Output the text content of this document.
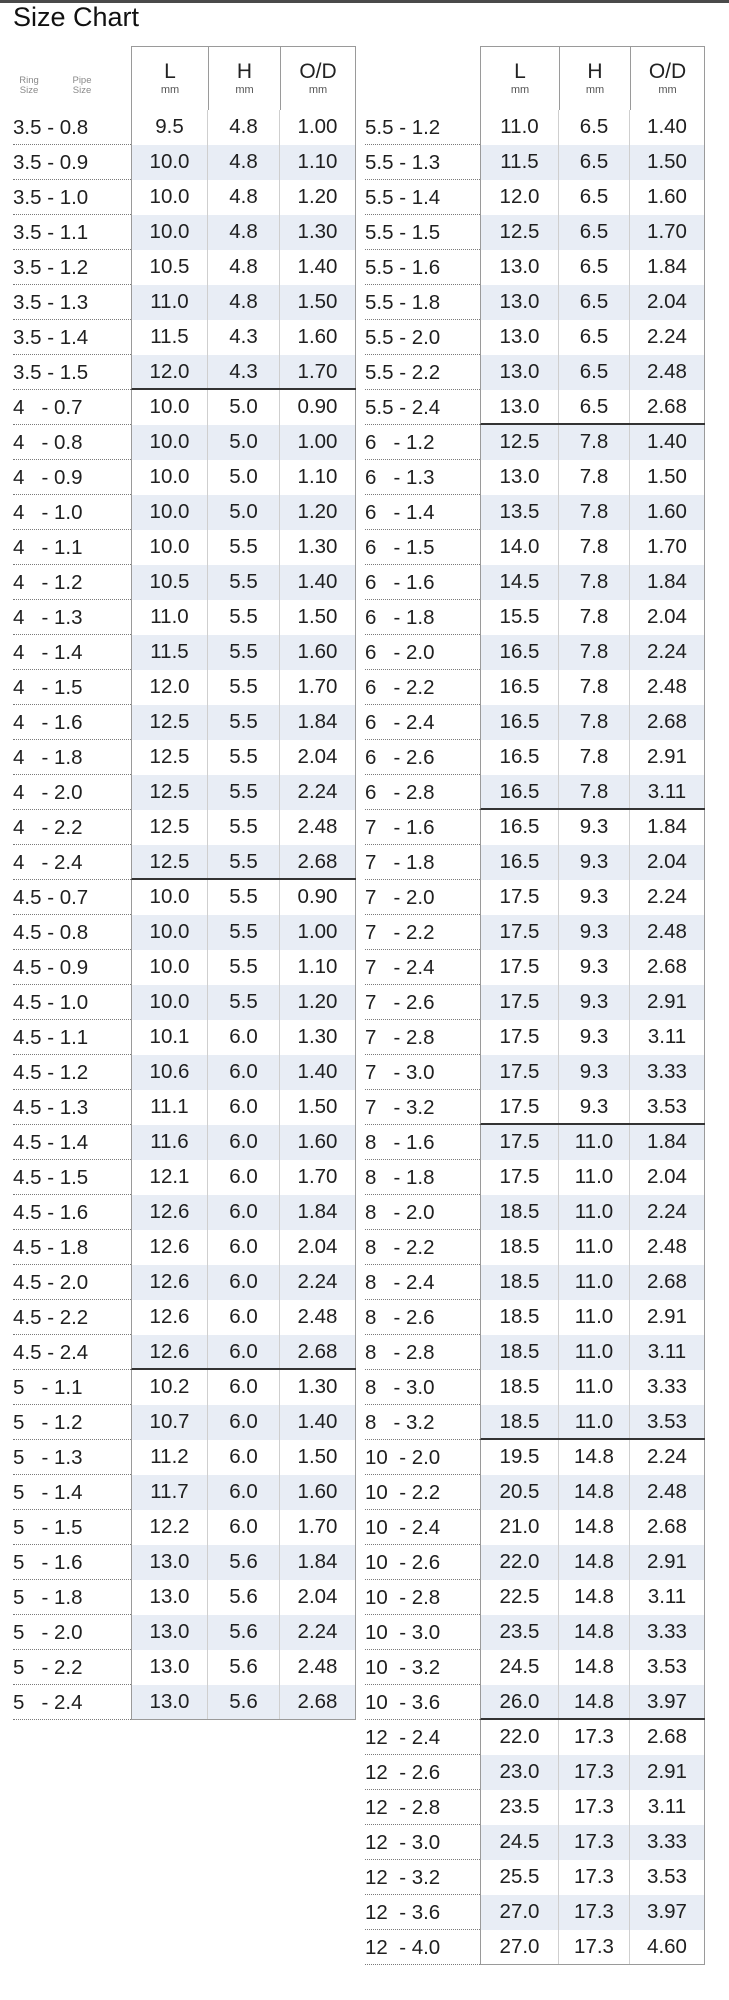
Size Chart
Ring
Size
Pipe
Size
L
mm
H
mm
O/D
mm
3.5 - 0.8	9.5	4.8	1.00
3.5 - 0.9	10.0	4.8	1.10
3.5 - 1.0	10.0	4.8	1.20
3.5 - 1.1	10.0	4.8	1.30
3.5 - 1.2	10.5	4.8	1.40
3.5 - 1.3	11.0	4.8	1.50
3.5 - 1.4	11.5	4.3	1.60
3.5 - 1.5	12.0	4.3	1.70
4   - 0.7	10.0	5.0	0.90
4   - 0.8	10.0	5.0	1.00
4   - 0.9	10.0	5.0	1.10
4   - 1.0	10.0	5.0	1.20
4   - 1.1	10.0	5.5	1.30
4   - 1.2	10.5	5.5	1.40
4   - 1.3	11.0	5.5	1.50
4   - 1.4	11.5	5.5	1.60
4   - 1.5	12.0	5.5	1.70
4   - 1.6	12.5	5.5	1.84
4   - 1.8	12.5	5.5	2.04
4   - 2.0	12.5	5.5	2.24
4   - 2.2	12.5	5.5	2.48
4   - 2.4	12.5	5.5	2.68
4.5 - 0.7	10.0	5.5	0.90
4.5 - 0.8	10.0	5.5	1.00
4.5 - 0.9	10.0	5.5	1.10
4.5 - 1.0	10.0	5.5	1.20
4.5 - 1.1	10.1	6.0	1.30
4.5 - 1.2	10.6	6.0	1.40
4.5 - 1.3	11.1	6.0	1.50
4.5 - 1.4	11.6	6.0	1.60
4.5 - 1.5	12.1	6.0	1.70
4.5 - 1.6	12.6	6.0	1.84
4.5 - 1.8	12.6	6.0	2.04
4.5 - 2.0	12.6	6.0	2.24
4.5 - 2.2	12.6	6.0	2.48
4.5 - 2.4	12.6	6.0	2.68
5   - 1.1	10.2	6.0	1.30
5   - 1.2	10.7	6.0	1.40
5   - 1.3	11.2	6.0	1.50
5   - 1.4	11.7	6.0	1.60
5   - 1.5	12.2	6.0	1.70
5   - 1.6	13.0	5.6	1.84
5   - 1.8	13.0	5.6	2.04
5   - 2.0	13.0	5.6	2.24
5   - 2.2	13.0	5.6	2.48
5   - 2.4	13.0	5.6	2.68
L
mm
H
mm
O/D
mm
5.5 - 1.2	11.0	6.5	1.40
5.5 - 1.3	11.5	6.5	1.50
5.5 - 1.4	12.0	6.5	1.60
5.5 - 1.5	12.5	6.5	1.70
5.5 - 1.6	13.0	6.5	1.84
5.5 - 1.8	13.0	6.5	2.04
5.5 - 2.0	13.0	6.5	2.24
5.5 - 2.2	13.0	6.5	2.48
5.5 - 2.4	13.0	6.5	2.68
6   - 1.2	12.5	7.8	1.40
6   - 1.3	13.0	7.8	1.50
6   - 1.4	13.5	7.8	1.60
6   - 1.5	14.0	7.8	1.70
6   - 1.6	14.5	7.8	1.84
6   - 1.8	15.5	7.8	2.04
6   - 2.0	16.5	7.8	2.24
6   - 2.2	16.5	7.8	2.48
6   - 2.4	16.5	7.8	2.68
6   - 2.6	16.5	7.8	2.91
6   - 2.8	16.5	7.8	3.11
7   - 1.6	16.5	9.3	1.84
7   - 1.8	16.5	9.3	2.04
7   - 2.0	17.5	9.3	2.24
7   - 2.2	17.5	9.3	2.48
7   - 2.4	17.5	9.3	2.68
7   - 2.6	17.5	9.3	2.91
7   - 2.8	17.5	9.3	3.11
7   - 3.0	17.5	9.3	3.33
7   - 3.2	17.5	9.3	3.53
8   - 1.6	17.5	11.0	1.84
8   - 1.8	17.5	11.0	2.04
8   - 2.0	18.5	11.0	2.24
8   - 2.2	18.5	11.0	2.48
8   - 2.4	18.5	11.0	2.68
8   - 2.6	18.5	11.0	2.91
8   - 2.8	18.5	11.0	3.11
8   - 3.0	18.5	11.0	3.33
8   - 3.2	18.5	11.0	3.53
10  - 2.0	19.5	14.8	2.24
10  - 2.2	20.5	14.8	2.48
10  - 2.4	21.0	14.8	2.68
10  - 2.6	22.0	14.8	2.91
10  - 2.8	22.5	14.8	3.11
10  - 3.0	23.5	14.8	3.33
10  - 3.2	24.5	14.8	3.53
10  - 3.6	26.0	14.8	3.97
12  - 2.4	22.0	17.3	2.68
12  - 2.6	23.0	17.3	2.91
12  - 2.8	23.5	17.3	3.11
12  - 3.0	24.5	17.3	3.33
12  - 3.2	25.5	17.3	3.53
12  - 3.6	27.0	17.3	3.97
12  - 4.0	27.0	17.3	4.60
